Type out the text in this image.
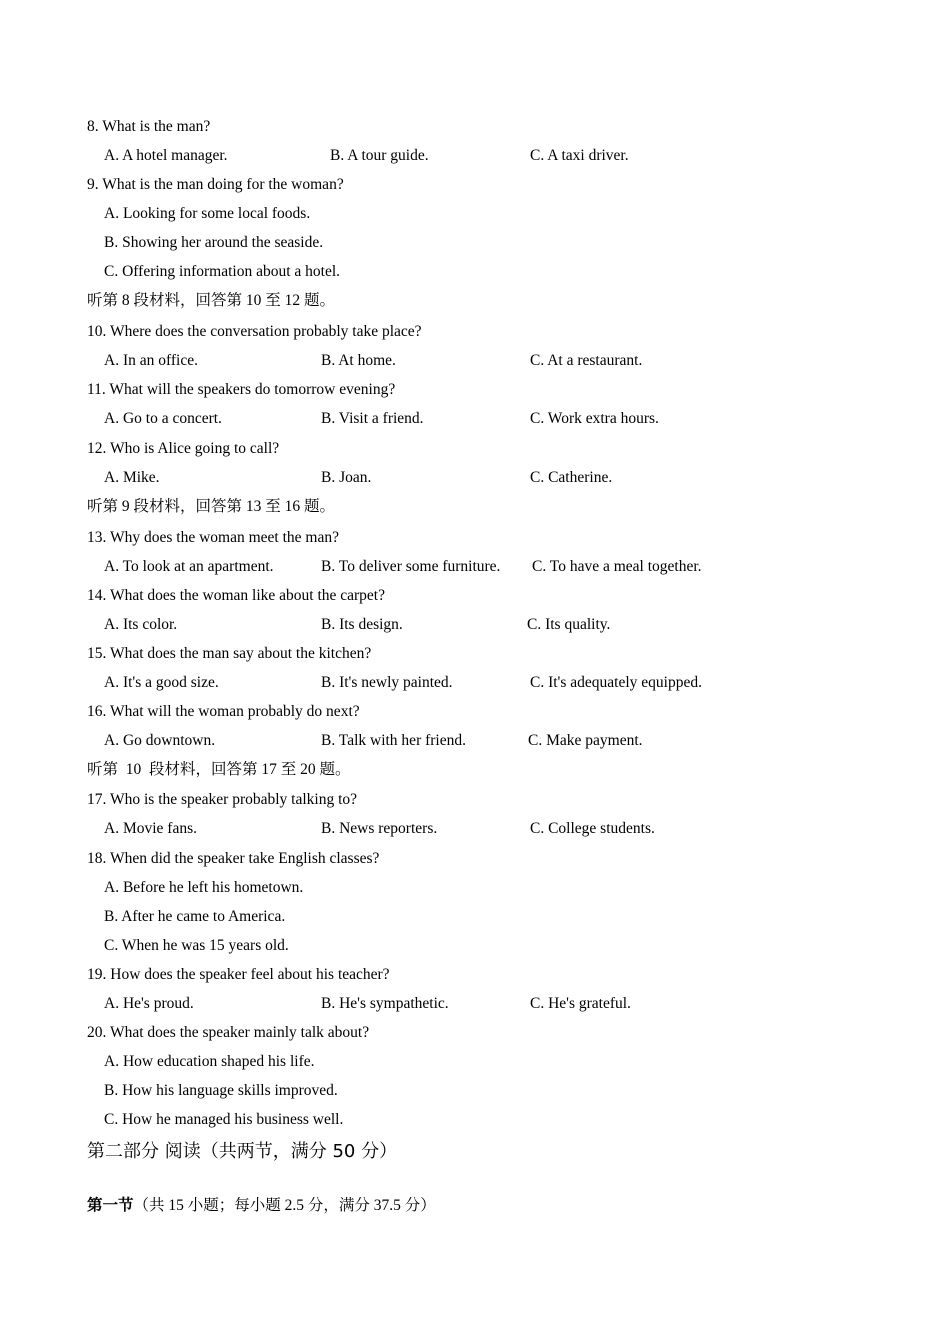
8. What is the man?
A. A hotel manager.	B. A tour guide.	C. A taxi driver.
9. What is the man doing for the woman?
A. Looking for some local foods.
B. Showing her around the seaside.
C. Offering information about a hotel.
听第 8 段材料，回答第 10 至 12 题。
10. Where does the conversation probably take place?
A. In an office.	B. At home.	C. At a restaurant.
11. What will the speakers do tomorrow evening?
A. Go to a concert.	B. Visit a friend.	C. Work extra hours.
12. Who is Alice going to call?
A. Mike.	B. Joan.	C. Catherine.
听第 9 段材料，回答第 13 至 16 题。
13. Why does the woman meet the man?
A. To look at an apartment.	B. To deliver some furniture. C. To have a meal together.
14. What does the woman like about the carpet?
A. Its color.	B. Its design.	C. Its quality.
15. What does the man say about the kitchen?
A. It's a good size.	B. It's newly painted.	C. It's adequately equipped.
16. What will the woman probably do next?
A. Go downtown.	B. Talk with her friend.	C. Make payment.
听第  10  段材料，回答第 17 至 20 题。
17. Who is the speaker probably talking to?
A. Movie fans.	B. News reporters.	C. College students.
18. When did the speaker take English classes?
A. Before he left his hometown.
B. After he came to America.
C. When he was 15 years old.
19. How does the speaker feel about his teacher?
A. He's proud.	B. He's sympathetic.	C. He's grateful.
20. What does the speaker mainly talk about?
A. How education shaped his life.
B. How his language skills improved.
C. How he managed his business well.
第二部分 阅读（共两节，满分 50 分）
第一节（共 15 小题；每小题 2.5 分，满分 37.5 分）
